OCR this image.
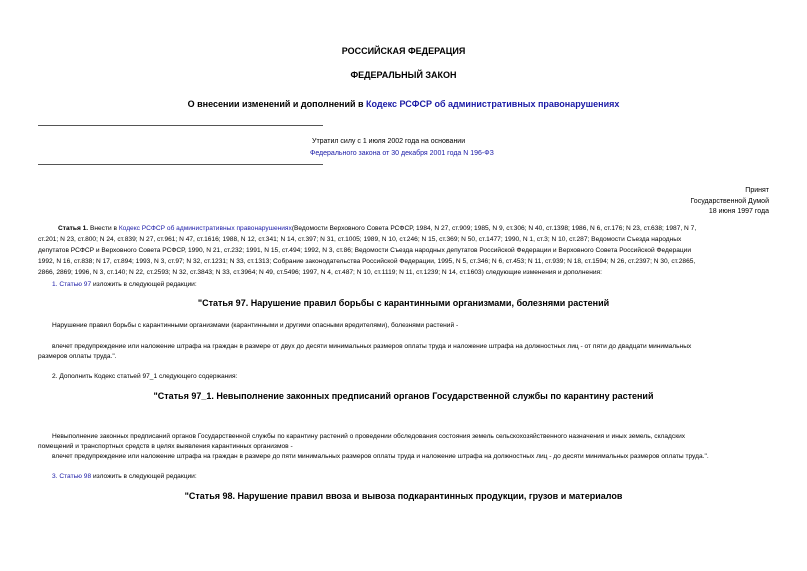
РОССИЙСКАЯ ФЕДЕРАЦИЯ
ФЕДЕРАЛЬНЫЙ ЗАКОН
О внесении изменений и дополнений в Кодекс РСФСР об административных правонарушениях
Утратил силу с 1 июля 2002 года на основании
Федерального закона от 30 декабря 2001 года N 196-ФЗ
Принят
Государственной Думой
18 июня 1997 года
Статья 1. Внести в Кодекс РСФСР об административных правонарушениях(Ведомости Верховного Совета РСФСР, 1984, N 27, ст.909; 1985, N 9, ст.306; N 40, ст.1398; 1986, N 6, ст.176; N 23, ст.638; 1987, N 7,
ст.201; N 23, ст.800; N 24, ст.839; N 27, ст.961; N 47, ст.1616; 1988, N 12, ст.341; N 14, ст.397; N 31, ст.1005; 1989, N 10, ст.246; N 15, ст.369; N 50, ст.1477; 1990, N 1, ст.3; N 10, ст.287; Ведомости Съезда народных
депутатов РСФСР и Верховного Совета РСФСР, 1990, N 21, ст.232; 1991, N 15, ст.494; 1992, N 3, ст.86; Ведомости Съезда народных депутатов Российской Федерации и Верховного Совета Российской Федерации
1992, N 16, ст.838; N 17, ст.894; 1993, N 3, ст.97; N 32, ст.1231; N 33, ст.1313; Собрание законодательства Российской Федерации, 1995, N 5, ст.346; N 6, ст.453; N 11, ст.939; N 18, ст.1594; N 26, ст.2397; N 30, ст.2865,
2866, 2869; 1996, N 3, ст.140; N 22, ст.2593; N 32, ст.3843; N 33, ст.3964; N 49, ст.5496; 1997, N 4, ст.487; N 10, ст.1119; N 11, ст.1239; N 14, ст.1603) следующие изменения и дополнения:
1. Статью 97 изложить в следующей редакции:
"Статья 97. Нарушение правил борьбы с карантинными организмами, болезнями растений
Нарушение правил борьбы с карантинными организмами (карантинными и другими опасными вредителями), болезнями растений -
влечет предупреждение или наложение штрафа на граждан в размере от двух до десяти минимальных размеров оплаты труда и наложение штрафа на должностных лиц - от пяти до двадцати минимальных
размеров оплаты труда.".
2. Дополнить Кодекс статьей 97_1 следующего содержания:
"Статья 97_1. Невыполнение законных предписаний органов Государственной службы по карантину растений
Невыполнение законных предписаний органов Государственной службы по карантину растений о проведении обследования состояния земель сельскохозяйственного назначения и иных земель, складских
помещений и транспортных средств в целях выявления карантинных организмов -
влечет предупреждение или наложение штрафа на граждан в размере до пяти минимальных размеров оплаты труда и наложение штрафа на должностных лиц - до десяти минимальных размеров оплаты труда.".
3. Статью 98 изложить в следующей редакции:
"Статья 98. Нарушение правил ввоза и вывоза подкарантинных продукции, грузов и материалов
